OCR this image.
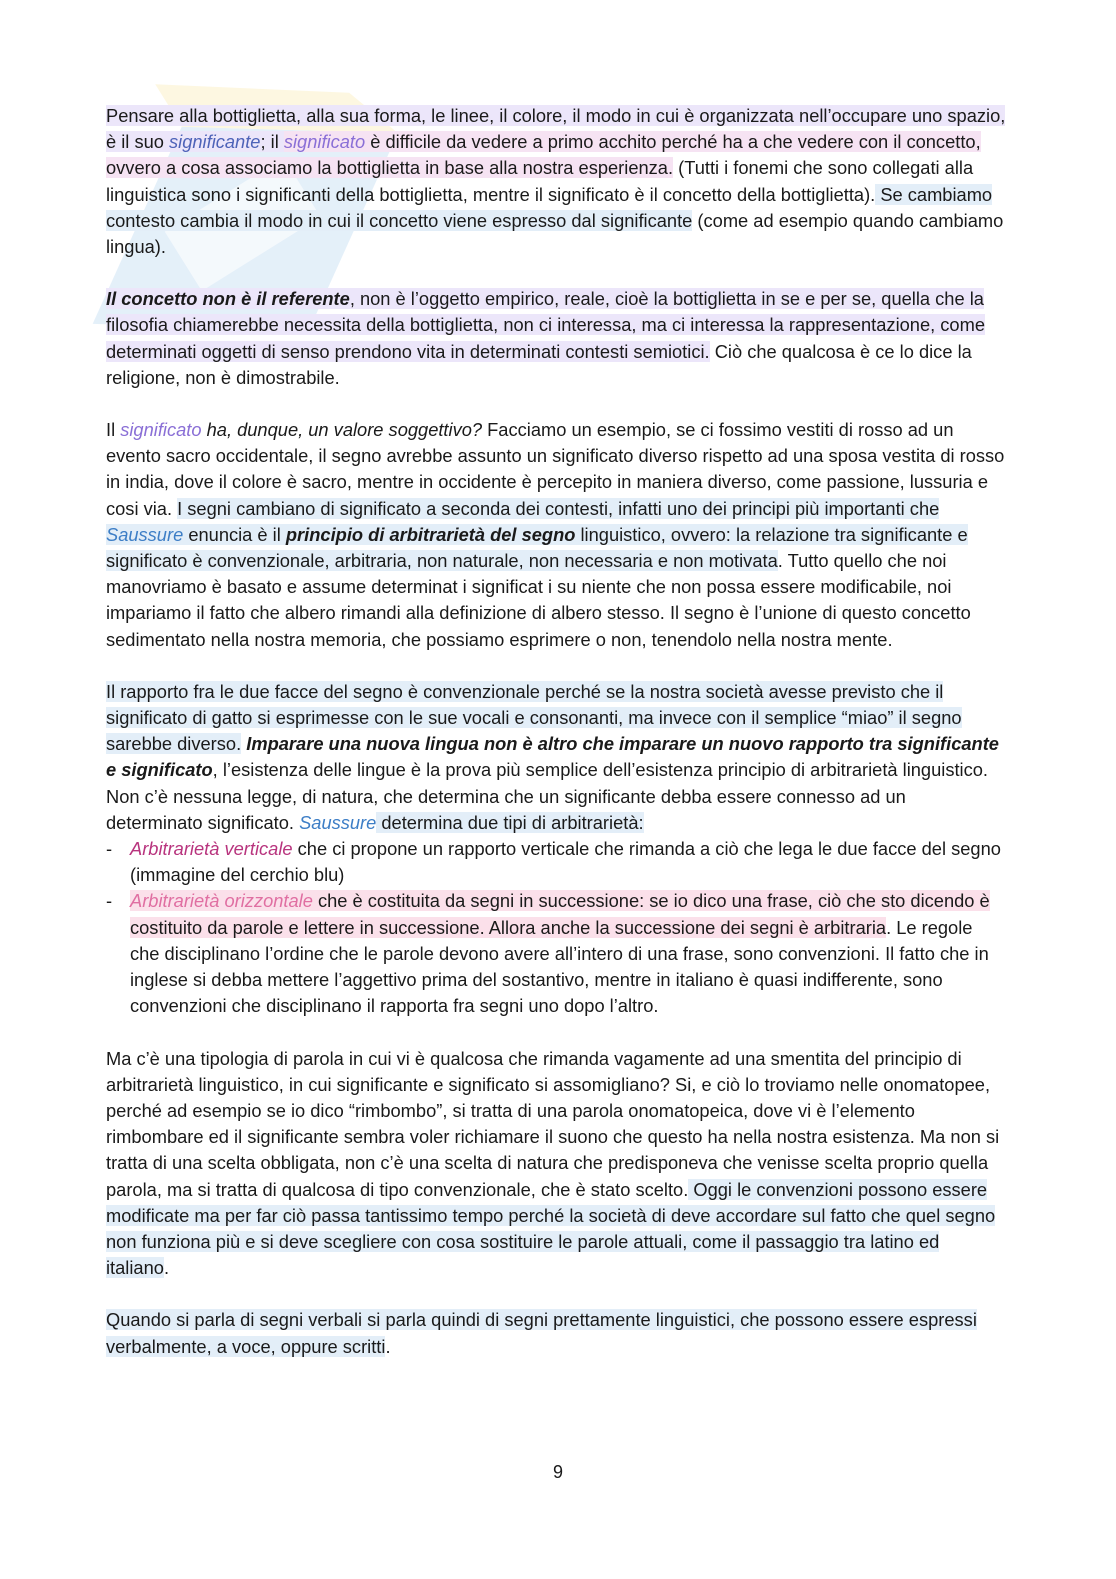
Pensare alla bottiglietta, alla sua forma, le linee, il colore, il modo in cui è organizzata nell’occupare uno spazio, è il suo significante; il significato è difficile da vedere a primo acchito perché ha a che vedere con il concetto, ovvero a cosa associamo la bottiglietta in base alla nostra esperienza. (Tutti i fonemi che sono collegati alla linguistica sono i significanti della bottiglietta, mentre il significato è il concetto della bottiglietta). Se cambiamo contesto cambia il modo in cui il concetto viene espresso dal significante (come ad esempio quando cambiamo lingua).

Il concetto non è il referente, non è l’oggetto empirico, reale, cioè la bottiglietta in se e per se, quella che la filosofia chiamerebbe necessita della bottiglietta, non ci interessa, ma ci interessa la rappresentazione, come determinati oggetti di senso prendono vita in determinati contesti semiotici. Ciò che qualcosa è ce lo dice la religione, non è dimostrabile.

Il significato ha, dunque, un valore soggettivo? Facciamo un esempio, se ci fossimo vestiti di rosso ad un evento sacro occidentale, il segno avrebbe assunto un significato diverso rispetto ad una sposa vestita di rosso in india, dove il colore è sacro, mentre in occidente è percepito in maniera diverso, come passione, lussuria e cosi via. I segni cambiano di significato a seconda dei contesti, infatti uno dei principi più importanti che Saussure enuncia è il principio di arbitrarietà del segno linguistico, ovvero: la relazione tra significante e significato è convenzionale, arbitraria, non naturale, non necessaria e non motivata. Tutto quello che noi manovriamo è basato e assume determinat i significat i su niente che non possa essere modificabile, noi impariamo il fatto che albero rimandi alla definizione di albero stesso. Il segno è l’unione di questo concetto sedimentato nella nostra memoria, che possiamo esprimere o non, tenendolo nella nostra mente.

Il rapporto fra le due facce del segno è convenzionale perché se la nostra società avesse previsto che il significato di gatto si esprimesse con le sue vocali e consonanti, ma invece con il semplice “miao” il segno sarebbe diverso. Imparare una nuova lingua non è altro che imparare un nuovo rapporto tra significante e significato, l’esistenza delle lingue è la prova più semplice dell’esistenza principio di arbitrarietà linguistico. Non c’è nessuna legge, di natura, che determina che un significante debba essere connesso ad un determinato significato. Saussure determina due tipi di arbitrarietà:

- Arbitrarietà verticale che ci propone un rapporto verticale che rimanda a ciò che lega le due facce del segno (immagine del cerchio blu)
- Arbitrarietà orizzontale che è costituita da segni in successione: se io dico una frase, ciò che sto dicendo è costituito da parole e lettere in successione. Allora anche la successione dei segni è arbitraria. Le regole che disciplinano l’ordine che le parole devono avere all’intero di una frase, sono convenzioni. Il fatto che in inglese si debba mettere l’aggettivo prima del sostantivo, mentre in italiano è quasi indifferente, sono convenzioni che disciplinano il rapporta fra segni uno dopo l’altro.

Ma c’è una tipologia di parola in cui vi è qualcosa che rimanda vagamente ad una smentita del principio di arbitrarietà linguistico, in cui significante e significato si assomigliano? Si, e ciò lo troviamo nelle onomatopee, perché ad esempio se io dico “rimbombo”, si tratta di una parola onomatopeica, dove vi è l’elemento rimbombare ed il significante sembra voler richiamare il suono che questo ha nella nostra esistenza. Ma non si tratta di una scelta obbligata, non c’è una scelta di natura che predisponeva che venisse scelta proprio quella parola, ma si tratta di qualcosa di tipo convenzionale, che è stato scelto. Oggi le convenzioni possono essere modificate ma per far ciò passa tantissimo tempo perché la società di deve accordare sul fatto che quel segno non funziona più e si deve scegliere con cosa sostituire le parole attuali, come il passaggio tra latino ed italiano.

Quando si parla di segni verbali si parla quindi di segni prettamente linguistici, che possono essere espressi verbalmente, a voce, oppure scritti.

9
